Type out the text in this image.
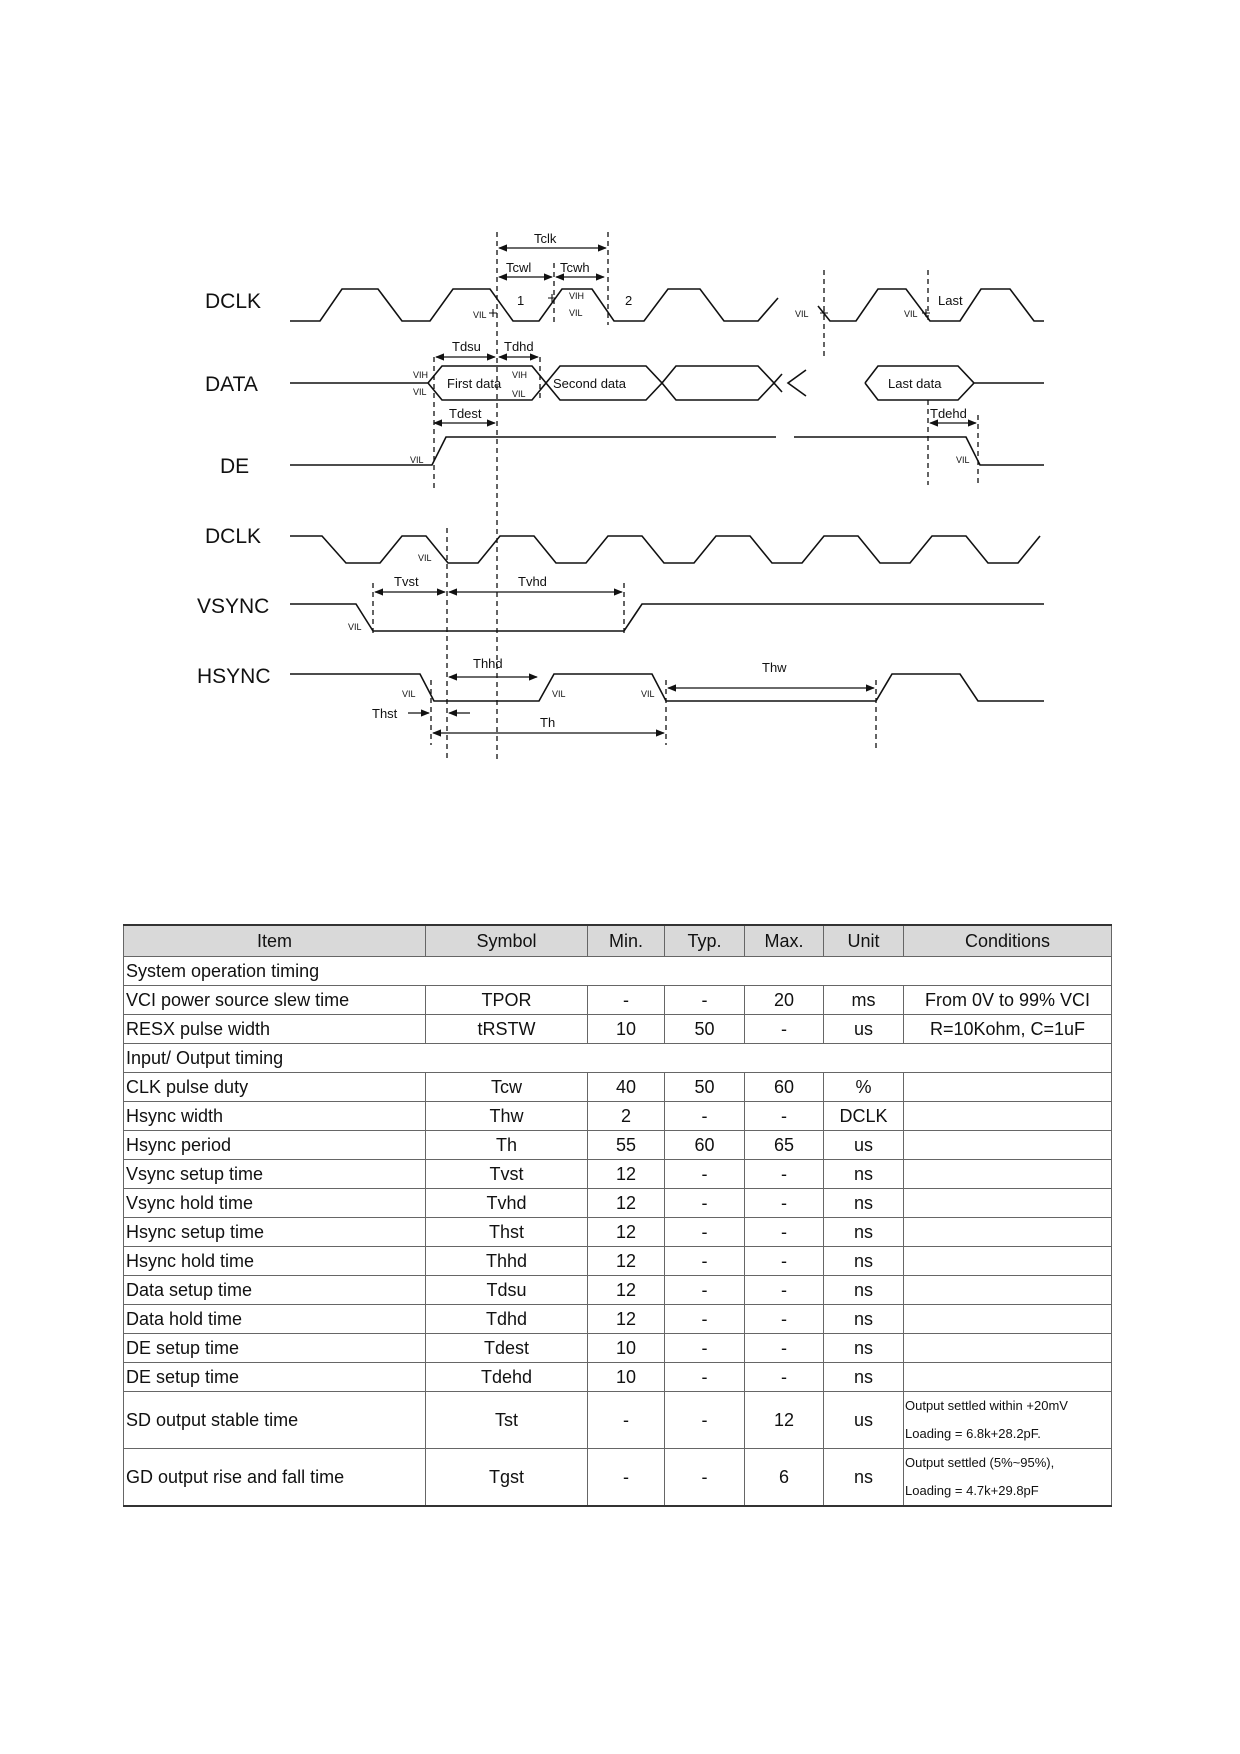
DCLK
DATA
DE
Tclk
Tcwl Tcwh
1	2	Last
VIL
VIH
VIL	VIL	VIL
First data	Second data	Last data
VIH
VIL
VIH
VIL
Tdsu Tdhd
Tdest	Tdehd
VIL	VIL
DCLK
VSYNC
HSYNC
VIL
Tvst	Tvhd
VIL
Thhd	Thw
Thst
Th
VIL	VIL	VIL
Item	Symbol	Min.	Typ.	Max.	Unit	Conditions
System operation timing						
VCI power source slew time	TPOR	-	-	20	ms	From 0V to 99% VCI

RESX pulse width	tRSTW	10	50	-	us	R=10Kohm, C=1uF

Input/ Output timing						
CLK pulse duty	Tcw	40	50	60	%	
Hsync width	Thw	2	-	-	DCLK	
Hsync period	Th	55	60	65	us	
Vsync setup time	Tvst	12	-	-	ns	
Vsync hold time	Tvhd	12	-	-	ns	
Hsync setup time	Thst	12	-	-	ns	
Hsync hold time	Thhd	12	-	-	ns	
Data setup time	Tdsu	12	-	-	ns	
Data hold time	Tdhd	12	-	-	ns	
DE setup time	Tdest	10	-	-	ns	
DE setup time	Tdehd	10	-	-	ns	
SD output stable time	Tst	-	-	12	us	Output settled within +20mV
Loading = 6.8k+28.2pF.

GD output rise and fall time	Tgst	-	-	6	ns	Output settled (5%~95%),
Loading = 4.7k+29.8pF
